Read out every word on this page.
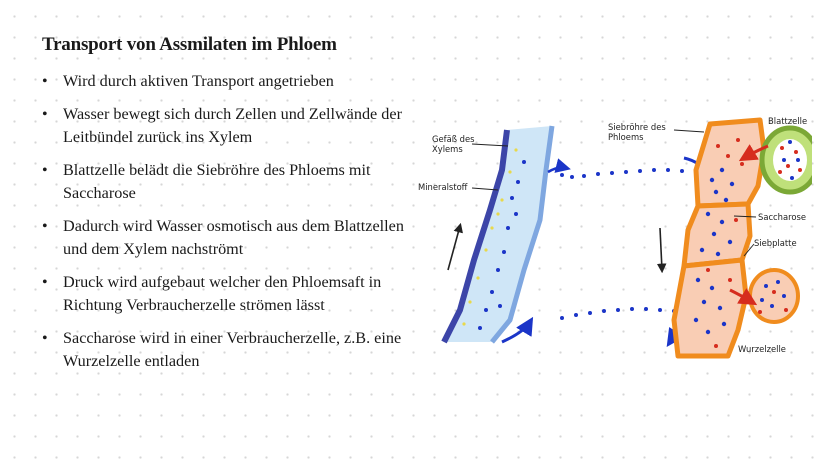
Transport von Assmilaten im Phloem
• Wird durch aktiven Transport angetrieben
• Wasser bewegt sich durch Zellen und Zellwände der Leitbündel zurück ins Xylem
• Blattzelle belädt die Siebröhre des Phloems mit Saccharose
• Dadurch wird Wasser osmotisch aus dem Blattzellen und dem Xylem nachströmt
• Druck wird aufgebaut welcher den Phloemsaft in Richtung Verbraucherzelle strömen lässt
• Saccharose wird in einer Verbraucherzelle, z.B. eine Wurzelzelle entladen
Gefäß des
Xylems
Mineralstoff
Siebröhre des
Phloems
Blattzelle
Saccharose
Siebplatte
Wurzelzelle
